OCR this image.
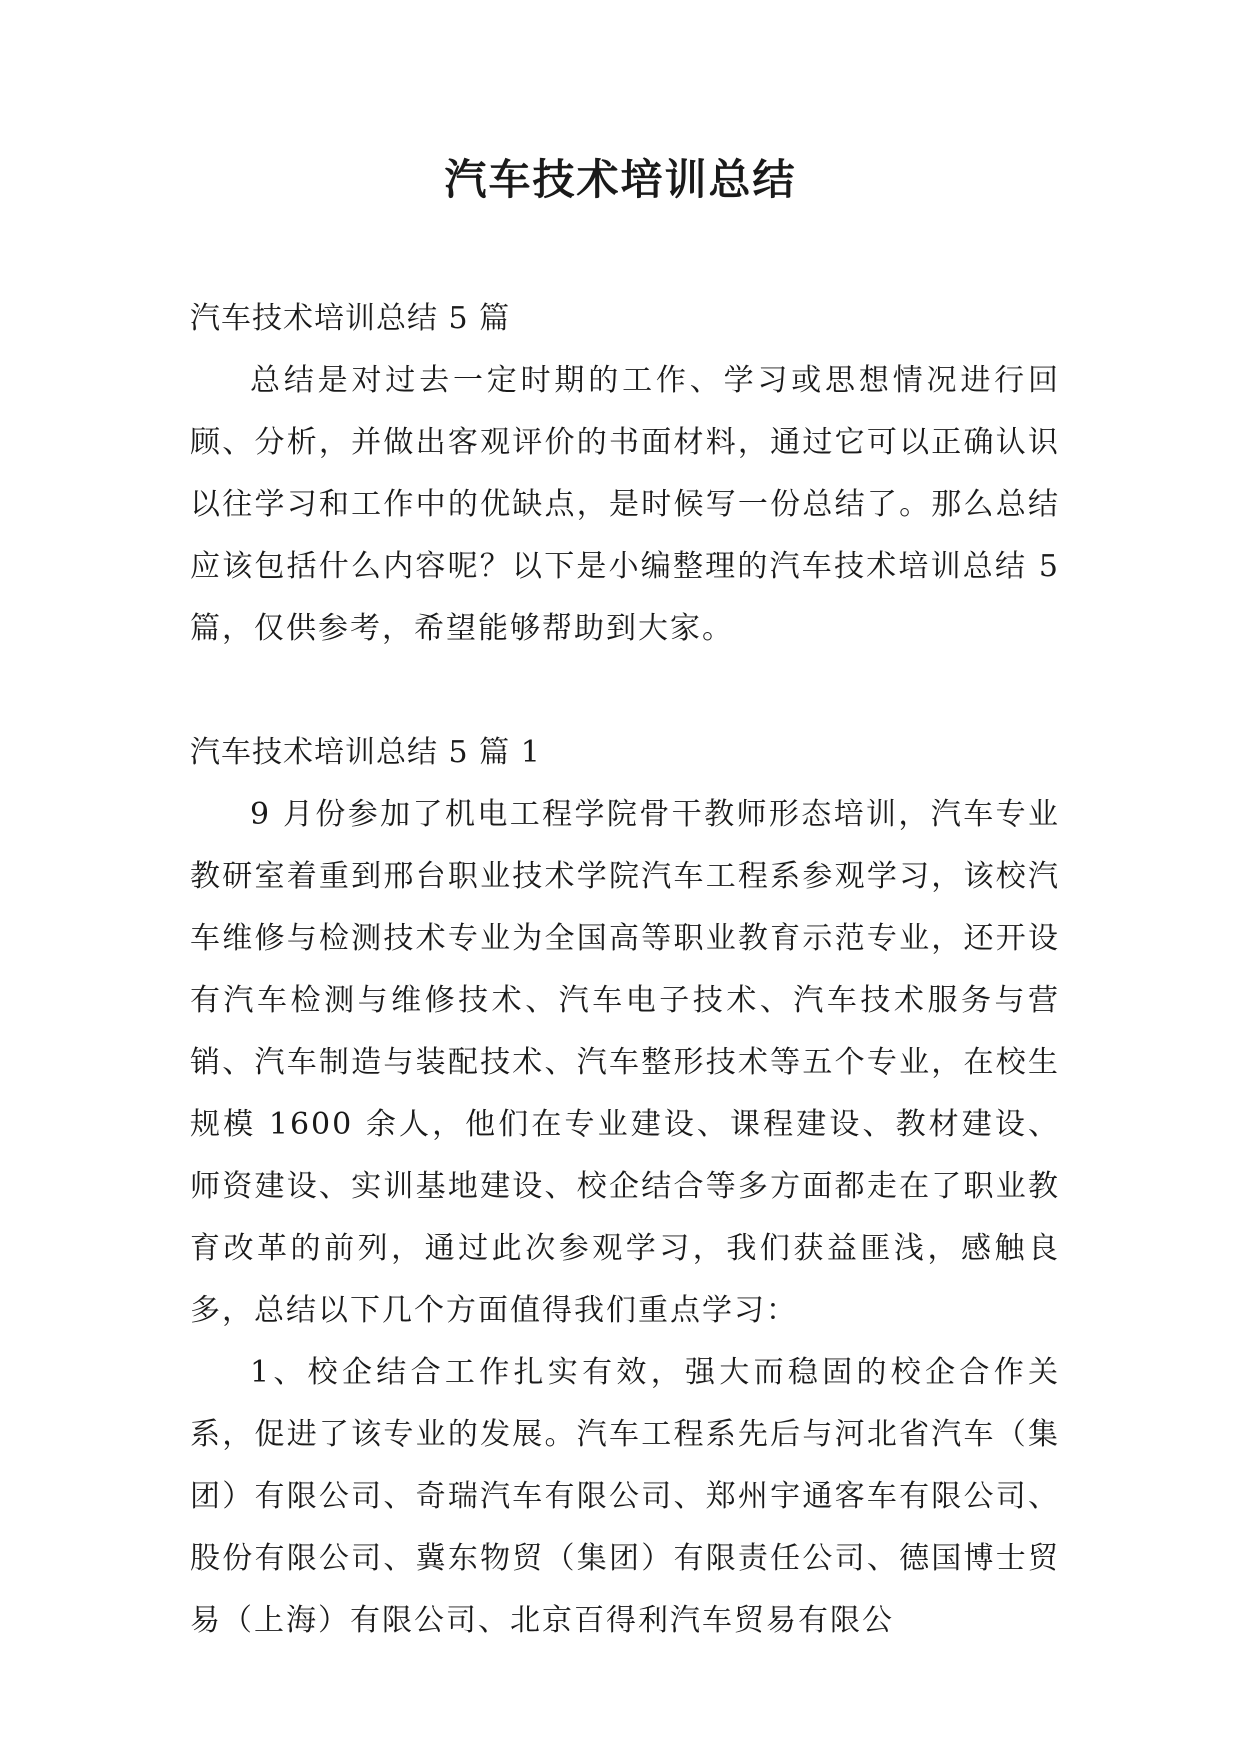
汽车技术培训总结

汽车技术培训总结 5 篇

总结是对过去一定时期的工作、学习或思想情况进行回顾、分析，并做出客观评价的书面材料，通过它可以正确认识以往学习和工作中的优缺点，是时候写一份总结了。那么总结应该包括什么内容呢？以下是小编整理的汽车技术培训总结 5 篇，仅供参考，希望能够帮助到大家。

汽车技术培训总结 5 篇 1

9 月份参加了机电工程学院骨干教师形态培训，汽车专业教研室着重到邢台职业技术学院汽车工程系参观学习，该校汽车维修与检测技术专业为全国高等职业教育示范专业，还开设有汽车检测与维修技术、汽车电子技术、汽车技术服务与营销、汽车制造与装配技术、汽车整形技术等五个专业，在校生规模 1600 余人，他们在专业建设、课程建设、教材建设、师资建设、实训基地建设、校企结合等多方面都走在了职业教育改革的前列，通过此次参观学习，我们获益匪浅，感触良多，总结以下几个方面值得我们重点学习：

1、校企结合工作扎实有效，强大而稳固的校企合作关系，促进了该专业的发展。汽车工程系先后与河北省汽车（集团）有限公司、奇瑞汽车有限公司、郑州宇通客车有限公司、股份有限公司、冀东物贸（集团）有限责任公司、德国博士贸易（上海）有限公司、北京百得利汽车贸易有限公
